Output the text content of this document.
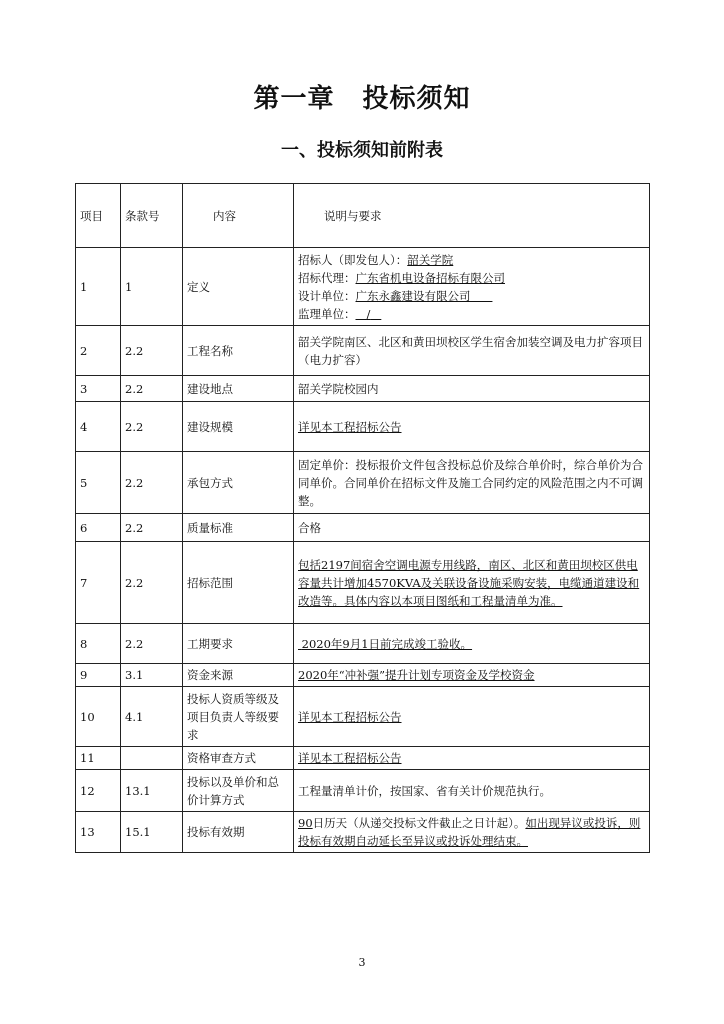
第一章 投标须知
一、投标须知前附表
项目	条款号	内容	说明与要求
1	1	定义	招标人（即发包人）：韶关学院
招标代理：广东省机电设备招标有限公司
设计单位：广东永鑫建设有限公司
监理单位： /

2	2.2	工程名称	韶关学院南区、北区和黄田坝校区学生宿舍加装空调及电力扩容项目（电力扩容）
3	2.2	建设地点	韶关学院校园内
4	2.2	建设规模	详见本工程招标公告
5	2.2	承包方式	固定单价：投标报价文件包含投标总价及综合单价时，综合单价为合同单价。合同单价在招标文件及施工合同约定的风险范围之内不可调整。
6	2.2	质量标准	合格
7	2.2	招标范围	包括2197间宿舍空调电源专用线路，南区、北区和黄田坝校区供电容量共计增加4570KVA及关联设备设施采购安装，电缆通道建设和改造等。具体内容以本项目图纸和工程量清单为准。
8	2.2	工期要求	2020年9月1日前完成竣工验收。
9	3.1	资金来源	2020年“冲补强”提升计划专项资金及学校资金
10	4.1	投标人资质等级及项目负责人等级要求	详见本工程招标公告
11		资格审查方式	详见本工程招标公告
12	13.1	投标以及单价和总价计算方式	工程量清单计价，按国家、省有关计价规范执行。
13	15.1	投标有效期	90日历天（从递交投标文件截止之日计起）。如出现异议或投诉，则投标有效期自动延长至异议或投诉处理结束。
3
